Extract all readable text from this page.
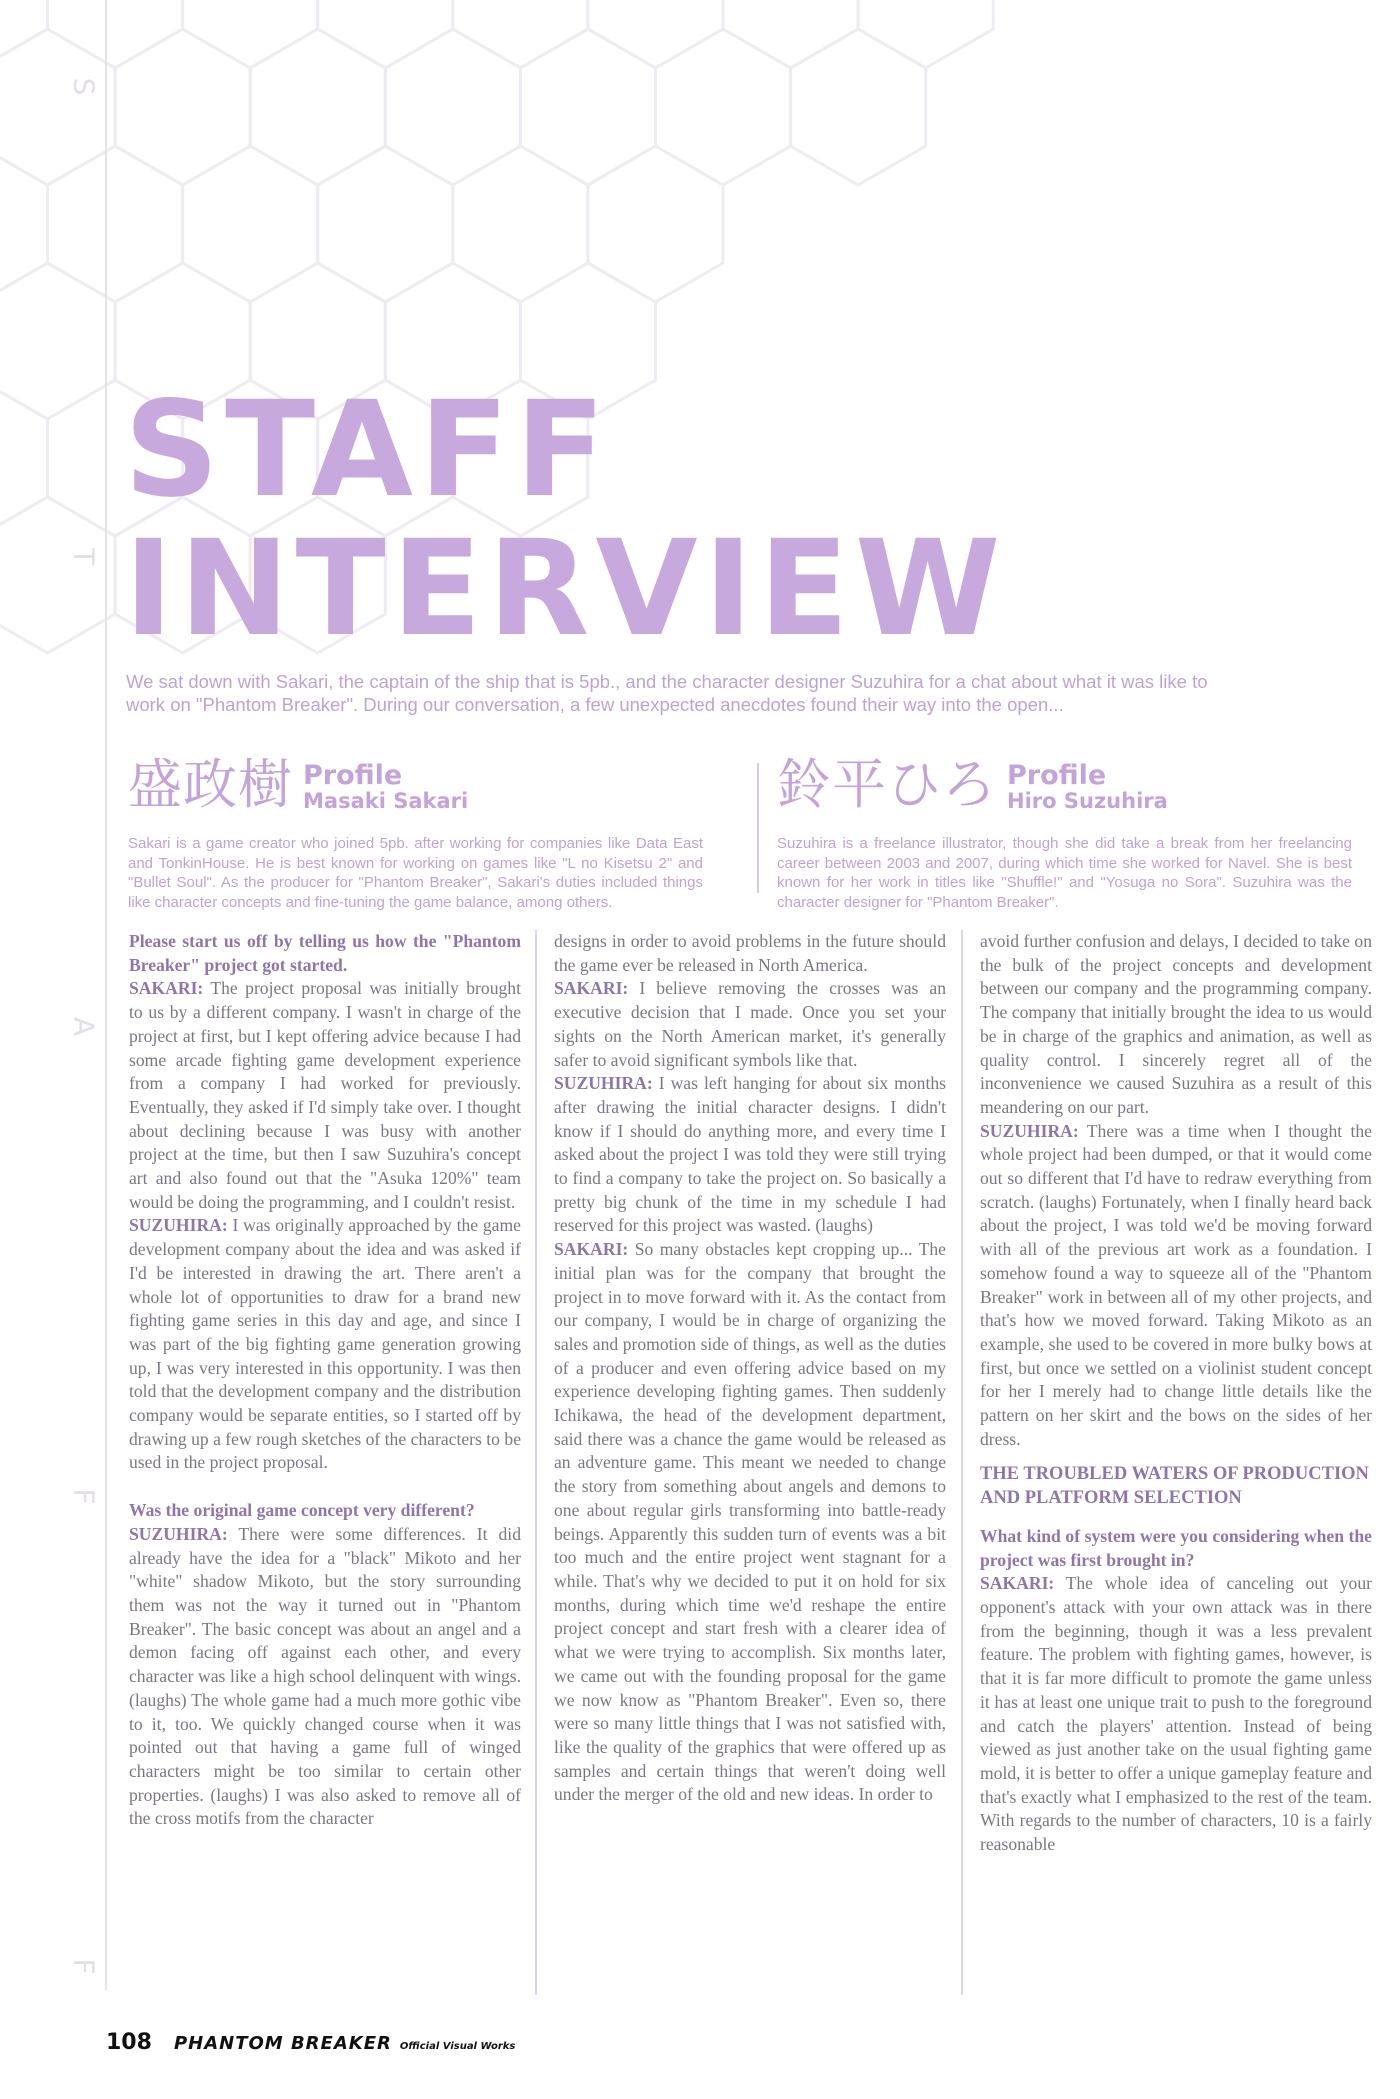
S
T
A
F
F
STAFF
INTERVIEW
We sat down with Sakari, the captain of the ship that is 5pb., and the character designer Suzuhira for a chat about what it was like to work on "Phantom Breaker". During our conversation, a few unexpected anecdotes found their way into the open...
盛政樹 Profile
Masaki Sakari
Sakari is a game creator who joined 5pb. after working for companies like Data East and TonkinHouse. He is best known for working on games like "L no Kisetsu 2" and "Bullet Soul". As the producer for "Phantom Breaker", Sakari's duties included things like character concepts and fine-tuning the game balance, among others.
鈴平ひろ Profile
Hiro Suzuhira
Suzuhira is a freelance illustrator, though she did take a break from her freelancing career between 2003 and 2007, during which time she worked for Navel. She is best known for her work in titles like "Shuffle!" and "Yosuga no Sora". Suzuhira was the character designer for "Phantom Breaker".

Please start us off by telling us how the "Phantom Breaker" project got started.

SAKARI: The project proposal was initially brought to us by a different company. I wasn't in charge of the project at first, but I kept offering advice because I had some arcade fighting game development experience from a company I had worked for previously. Eventually, they asked if I'd simply take over. I thought about declining because I was busy with another project at the time, but then I saw Suzuhira's concept art and also found out that the "Asuka 120%" team would be doing the programming, and I couldn't resist.

SUZUHIRA: I was originally approached by the game development company about the idea and was asked if I'd be interested in drawing the art. There aren't a whole lot of opportunities to draw for a brand new fighting game series in this day and age, and since I was part of the big fighting game generation growing up, I was very interested in this opportunity. I was then told that the development company and the distribution company would be separate entities, so I started off by drawing up a few rough sketches of the characters to be used in the project proposal.

Was the original game concept very different?

SUZUHIRA: There were some differences. It did already have the idea for a "black" Mikoto and her "white" shadow Mikoto, but the story surrounding them was not the way it turned out in "Phantom Breaker". The basic concept was about an angel and a demon facing off against each other, and every character was like a high school delinquent with wings. (laughs) The whole game had a much more gothic vibe to it, too. We quickly changed course when it was pointed out that having a game full of winged characters might be too similar to certain other properties. (laughs) I was also asked to remove all of the cross motifs from the character

designs in order to avoid problems in the future should the game ever be released in North America.

SAKARI: I believe removing the crosses was an executive decision that I made. Once you set your sights on the North American market, it's generally safer to avoid significant symbols like that.

SUZUHIRA: I was left hanging for about six months after drawing the initial character designs. I didn't know if I should do anything more, and every time I asked about the project I was told they were still trying to find a company to take the project on. So basically a pretty big chunk of the time in my schedule I had reserved for this project was wasted. (laughs)

SAKARI: So many obstacles kept cropping up... The initial plan was for the company that brought the project in to move forward with it. As the contact from our company, I would be in charge of organizing the sales and promotion side of things, as well as the duties of a producer and even offering advice based on my experience developing fighting games. Then suddenly Ichikawa, the head of the development department, said there was a chance the game would be released as an adventure game. This meant we needed to change the story from something about angels and demons to one about regular girls transforming into battle-ready beings. Apparently this sudden turn of events was a bit too much and the entire project went stagnant for a while. That's why we decided to put it on hold for six months, during which time we'd reshape the entire project concept and start fresh with a clearer idea of what we were trying to accomplish. Six months later, we came out with the founding proposal for the game we now know as "Phantom Breaker". Even so, there were so many little things that I was not satisfied with, like the quality of the graphics that were offered up as samples and certain things that weren't doing well under the merger of the old and new ideas. In order to

avoid further confusion and delays, I decided to take on the bulk of the project concepts and development between our company and the programming company. The company that initially brought the idea to us would be in charge of the graphics and animation, as well as quality control. I sincerely regret all of the inconvenience we caused Suzuhira as a result of this meandering on our part.

SUZUHIRA: There was a time when I thought the whole project had been dumped, or that it would come out so different that I'd have to redraw everything from scratch. (laughs) Fortunately, when I finally heard back about the project, I was told we'd be moving forward with all of the previous art work as a foundation. I somehow found a way to squeeze all of the "Phantom Breaker" work in between all of my other projects, and that's how we moved forward. Taking Mikoto as an example, she used to be covered in more bulky bows at first, but once we settled on a violinist student concept for her I merely had to change little details like the pattern on her skirt and the bows on the sides of her dress.

THE TROUBLED WATERS OF PRODUCTION AND PLATFORM SELECTION

What kind of system were you considering when the project was first brought in?

SAKARI: The whole idea of canceling out your opponent's attack with your own attack was in there from the beginning, though it was a less prevalent feature. The problem with fighting games, however, is that it is far more difficult to promote the game unless it has at least one unique trait to push to the foreground and catch the players' attention. Instead of being viewed as just another take on the usual fighting game mold, it is better to offer a unique gameplay feature and that's exactly what I emphasized to the rest of the team. With regards to the number of characters, 10 is a fairly reasonable

108 PHANTOM BREAKER Official Visual Works
